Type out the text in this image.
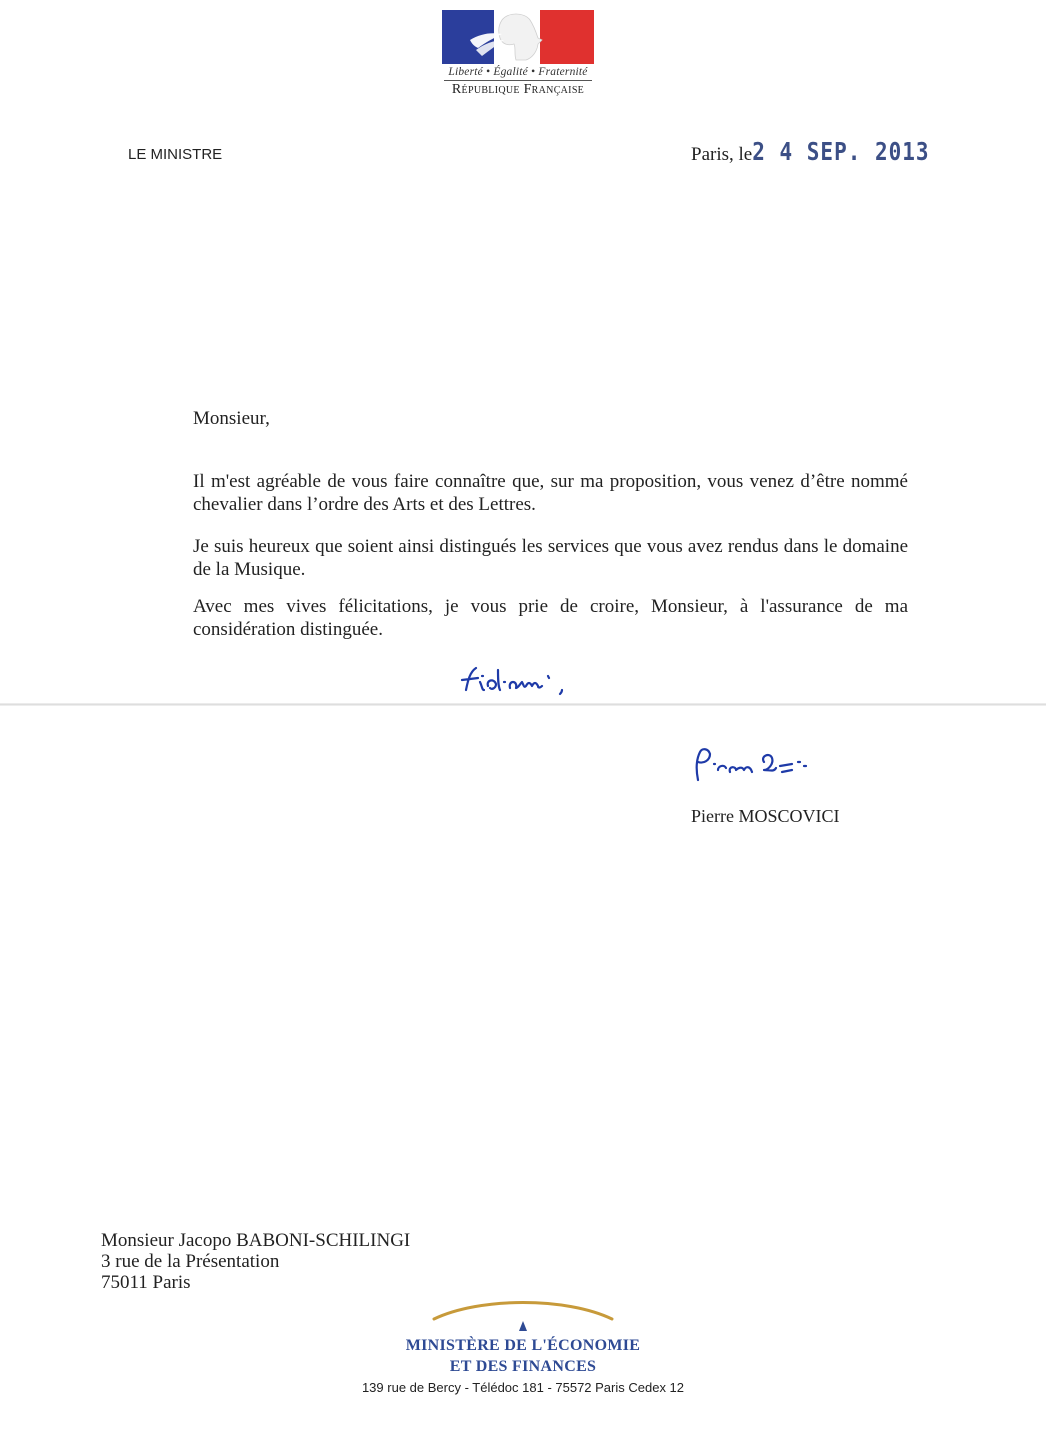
Liberté • Égalité • Fraternité
République Française
LE MINISTRE	Paris, le2 4 SEP. 2013
Monsieur,

Il m'est agréable de vous faire connaître que, sur ma proposition, vous venez d’être nommé chevalier dans l’ordre des Arts et des Lettres.

Je suis heureux que soient ainsi distingués les services que vous avez rendus dans le domaine de la Musique.

Avec mes vives félicitations, je vous prie de croire, Monsieur, à l'assurance de ma considération distinguée.

Pierre MOSCOVICI
Monsieur Jacopo BABONI-SCHILINGI
3 rue de la Présentation
75011 Paris
MINISTÈRE DE L'ÉCONOMIE
ET DES FINANCES
139 rue de Bercy - Télédoc 181 - 75572 Paris Cedex 12
